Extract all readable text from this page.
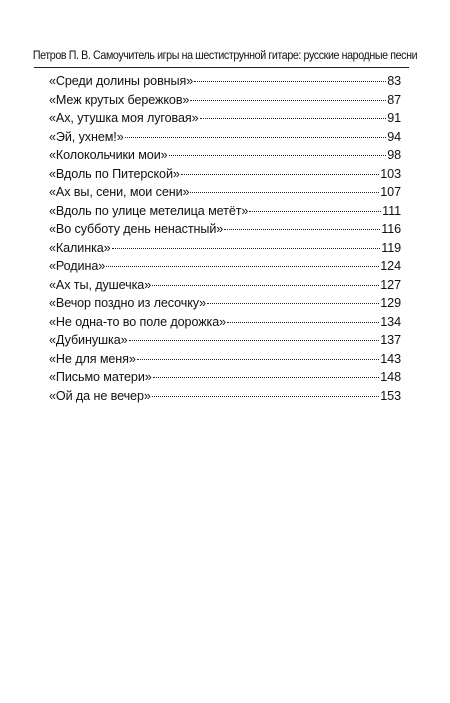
Петров П. В. Самоучитель игры на шестиструнной гитаре: русские народные песни
«Среди долины ровныя»	83
«Меж крутых бережков»	87
«Ах, утушка моя луговая»	91
«Эй, ухнем!»	94
«Колокольчики мои»	98
«Вдоль по Питерской»	103
«Ах вы, сени, мои сени»	107
«Вдоль по улице метелица метёт»	111
«Во субботу день ненастный»	116
«Калинка»	119
«Родина»	124
«Ах ты, душечка»	127
«Вечор поздно из лесочку»	129
«Не одна-то во поле дорожка»	134
«Дубинушка»	137
«Не для меня»	143
«Письмо матери»	148
«Ой да не вечер»	153
